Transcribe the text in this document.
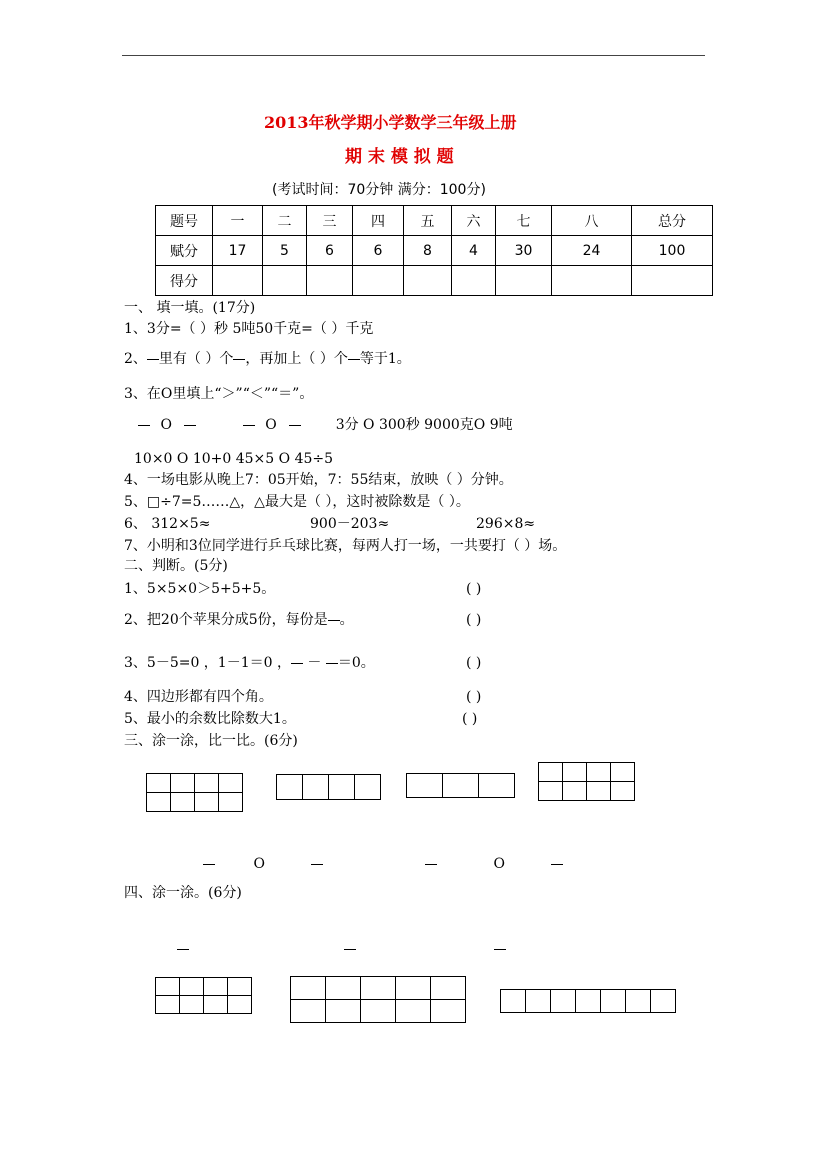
2013年秋学期小学数学三年级上册
期 末 模 拟 题
(考试时间：70分钟 满分：100分)
题号	一	二	三	四	五	六	七	八	总分
赋分	17	5	6	6	8	4	30	24	100
得分									
一、 填一填。(17分)
1、3分=（ ）秒 5吨50千克=（ ）千克
2、 里有（ ）个 ，再加上（ ）个 等于1。
3、在O里填上“＞”“＜”“＝”。
O	O	3分 O 300秒 9000克O 9吨
10×0 O 10+0 45×5 O 45÷5
4、一场电影从晚上7：05开始，7：55结束，放映（ ）分钟。
5、□÷7=5……△，△最大是（ ），这时被除数是（ ）。
6、 312×5≈	900－203≈	296×8≈
7、小明和3位同学进行乒乓球比赛，每两人打一场，一共要打（ ）场。
二、判断。(5分)
1、5×5×0＞5+5+5。	( )
2、把20个苹果分成5份，每份是 。	( )
3、5－5=0 ，1－1＝0 ， － ＝0。	( )
4、四边形都有四个角。	( )
5、最小的余数比除数大1。	( )
三、涂一涂，比一比。(6分)
O	O
四、涂一涂。(6分)
